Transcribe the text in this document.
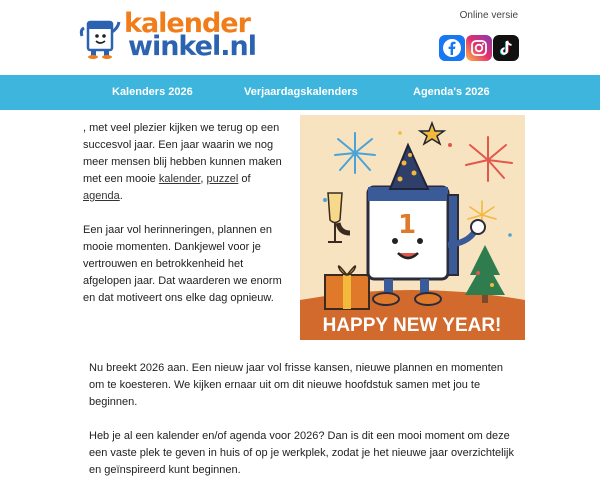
kalender
winkel.nl
Online versie
Kalenders 2026	Verjaardagskalenders	Agenda's 2026

, met veel plezier kijken we terug op een succesvol jaar. Een jaar waarin we nog meer mensen blij hebben kunnen maken met een mooie kalender, puzzel of agenda.

Een jaar vol herinneringen, plannen en mooie momenten. Dankjewel voor je vertrouwen en betrokkenheid het afgelopen jaar. Dat waarderen we enorm en dat motiveert ons elke dag opnieuw.

1
HAPPY NEW YEAR!

Nu breekt 2026 aan. Een nieuw jaar vol frisse kansen, nieuwe plannen en momenten om te koesteren. We kijken ernaar uit om dit nieuwe hoofdstuk samen met jou te beginnen.

Heb je al een kalender en/of agenda voor 2026? Dan is dit een mooi moment om deze een vaste plek te geven in huis of op je werkplek, zodat je het nieuwe jaar overzichtelijk en geïnspireerd kunt beginnen.
